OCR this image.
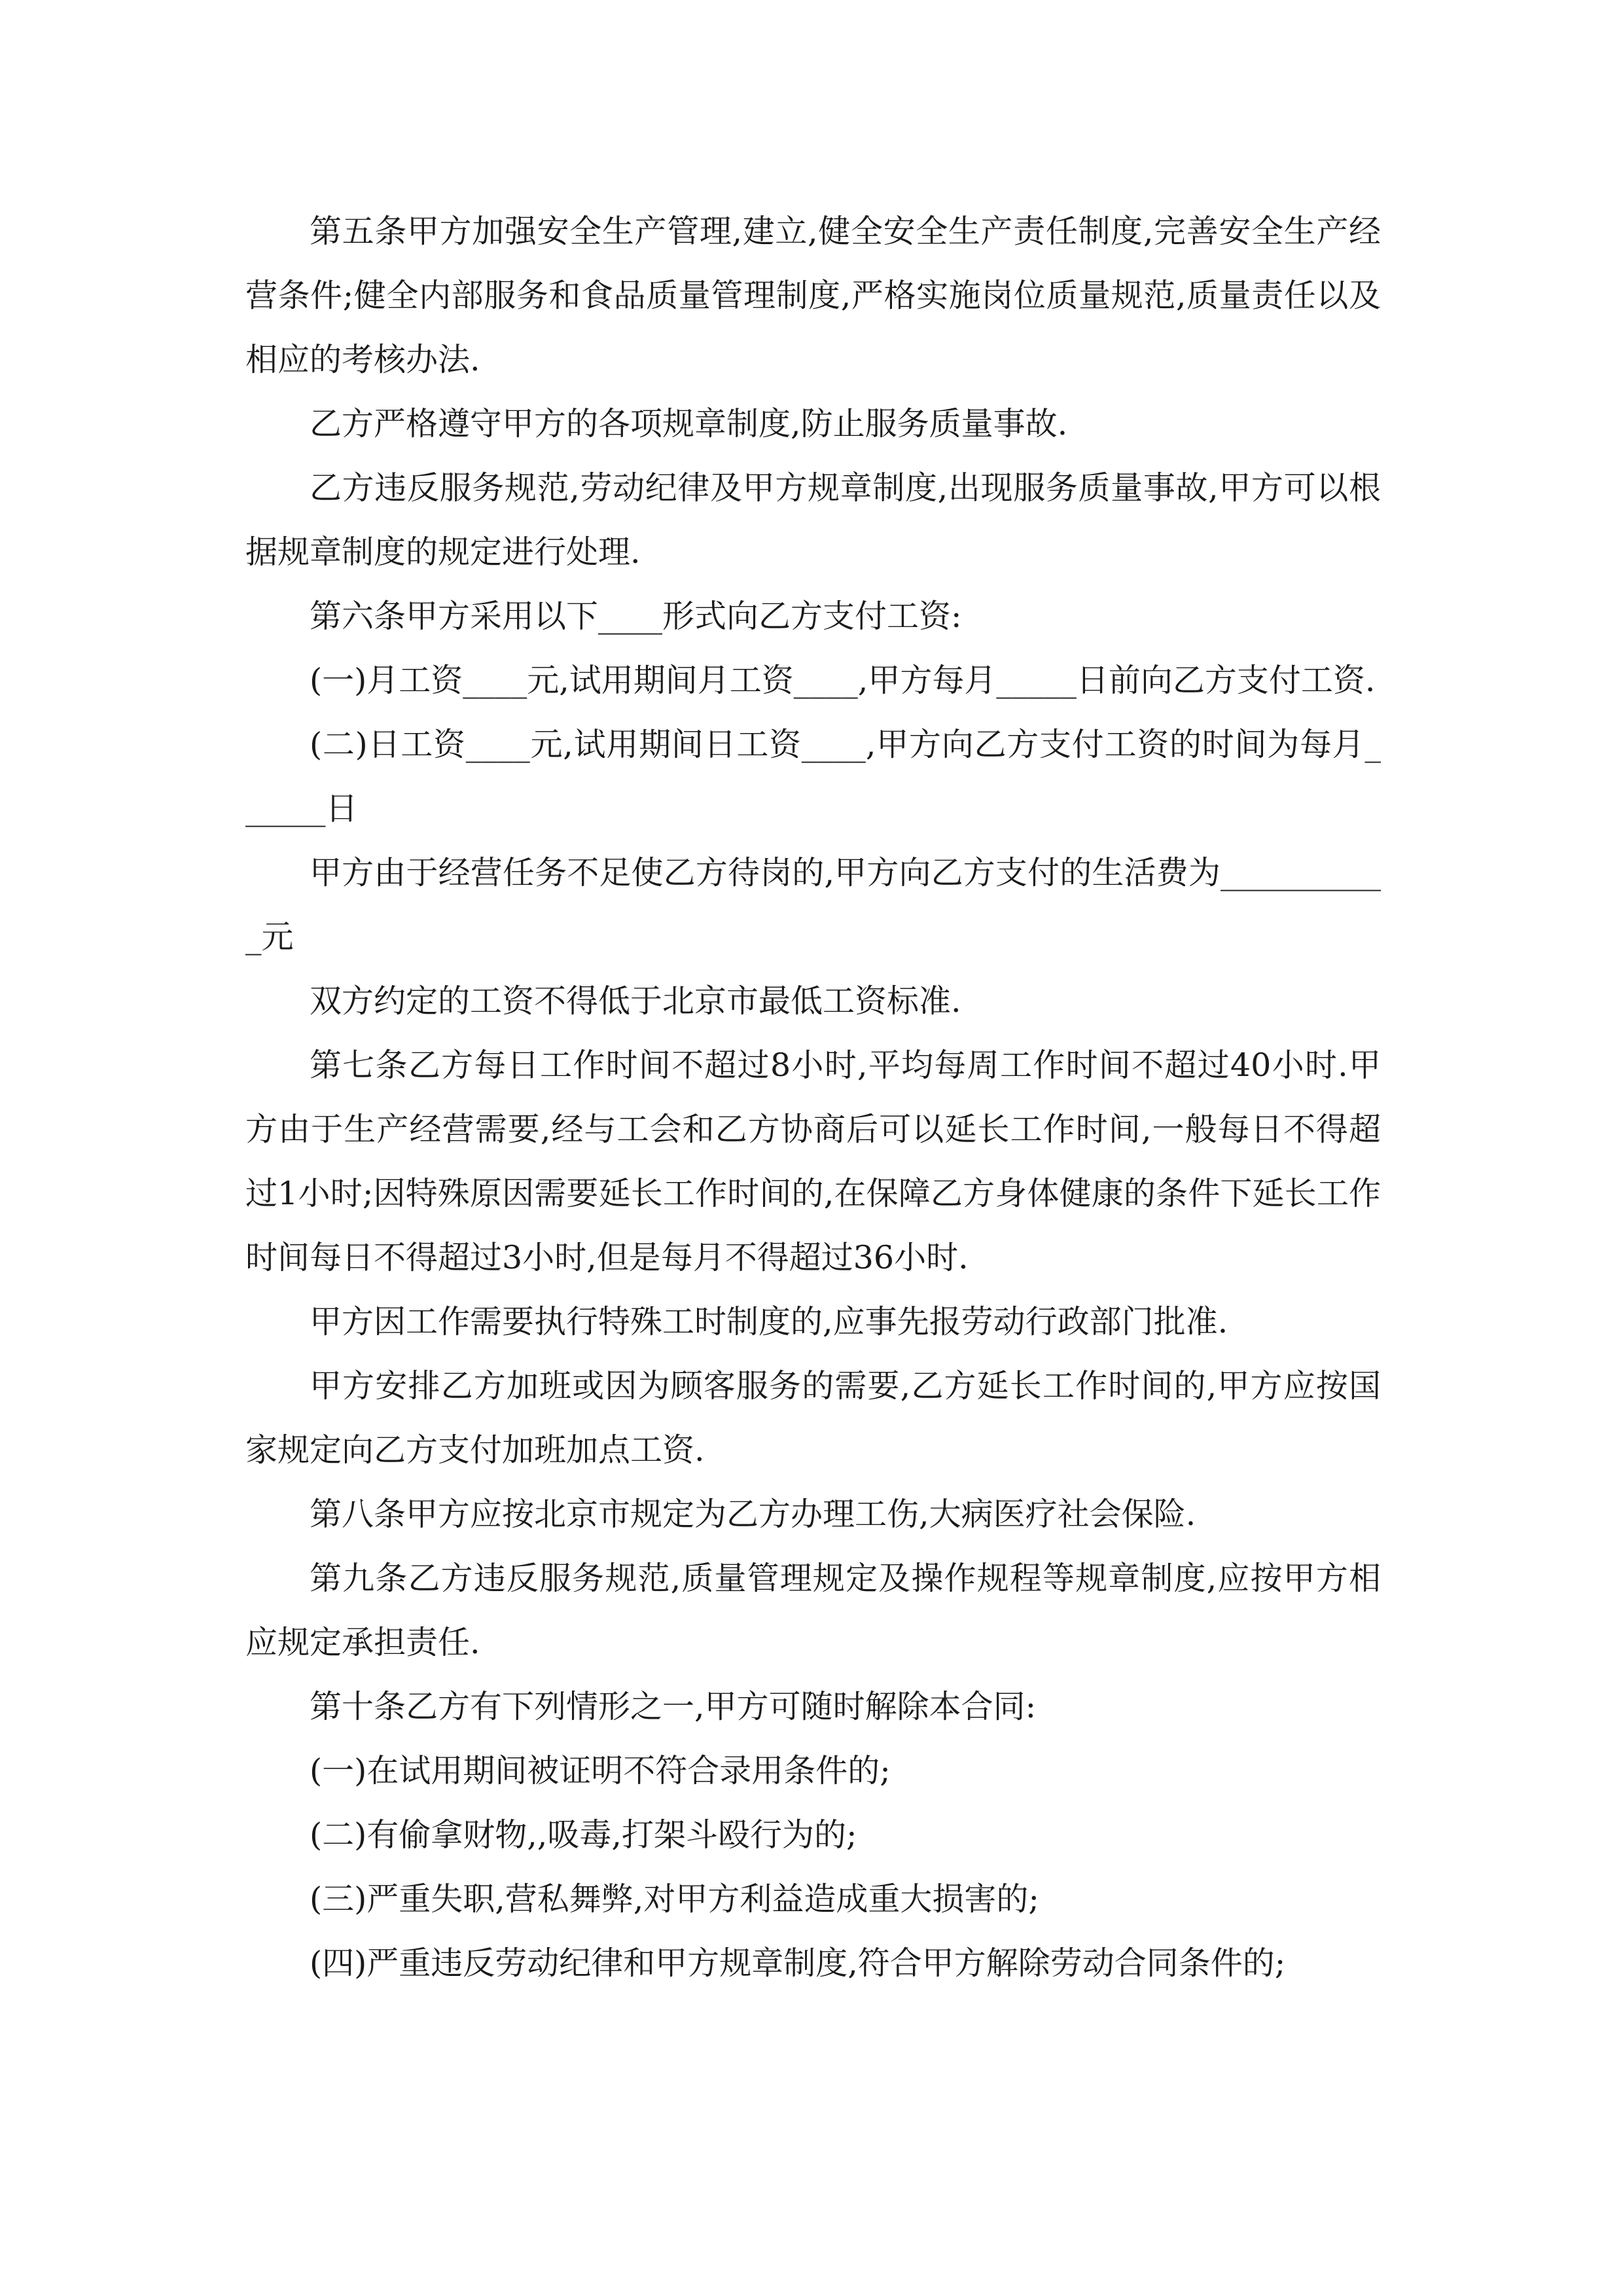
第五条甲方加强安全生产管理,建立,健全安全生产责任制度,完善安全生产经营条件;健全内部服务和食品质量管理制度,严格实施岗位质量规范,质量责任以及相应的考核办法.

乙方严格遵守甲方的各项规章制度,防止服务质量事故.

乙方违反服务规范,劳动纪律及甲方规章制度,出现服务质量事故,甲方可以根据规章制度的规定进行处理.

第六条甲方采用以下____形式向乙方支付工资:

(一)月工资____元,试用期间月工资____,甲方每月_____日前向乙方支付工资.

(二)日工资____元,试用期间日工资____,甲方向乙方支付工资的时间为每月______日

甲方由于经营任务不足使乙方待岗的,甲方向乙方支付的生活费为___________元

双方约定的工资不得低于北京市最低工资标准.

第七条乙方每日工作时间不超过8小时,平均每周工作时间不超过40小时.甲方由于生产经营需要,经与工会和乙方协商后可以延长工作时间,一般每日不得超过1小时;因特殊原因需要延长工作时间的,在保障乙方身体健康的条件下延长工作时间每日不得超过3小时,但是每月不得超过36小时.

甲方因工作需要执行特殊工时制度的,应事先报劳动行政部门批准.

甲方安排乙方加班或因为顾客服务的需要,乙方延长工作时间的,甲方应按国家规定向乙方支付加班加点工资.

第八条甲方应按北京市规定为乙方办理工伤,大病医疗社会保险.

第九条乙方违反服务规范,质量管理规定及操作规程等规章制度,应按甲方相应规定承担责任.

第十条乙方有下列情形之一,甲方可随时解除本合同:

(一)在试用期间被证明不符合录用条件的;

(二)有偷拿财物,,吸毒,打架斗殴行为的;

(三)严重失职,营私舞弊,对甲方利益造成重大损害的;

(四)严重违反劳动纪律和甲方规章制度,符合甲方解除劳动合同条件的;
